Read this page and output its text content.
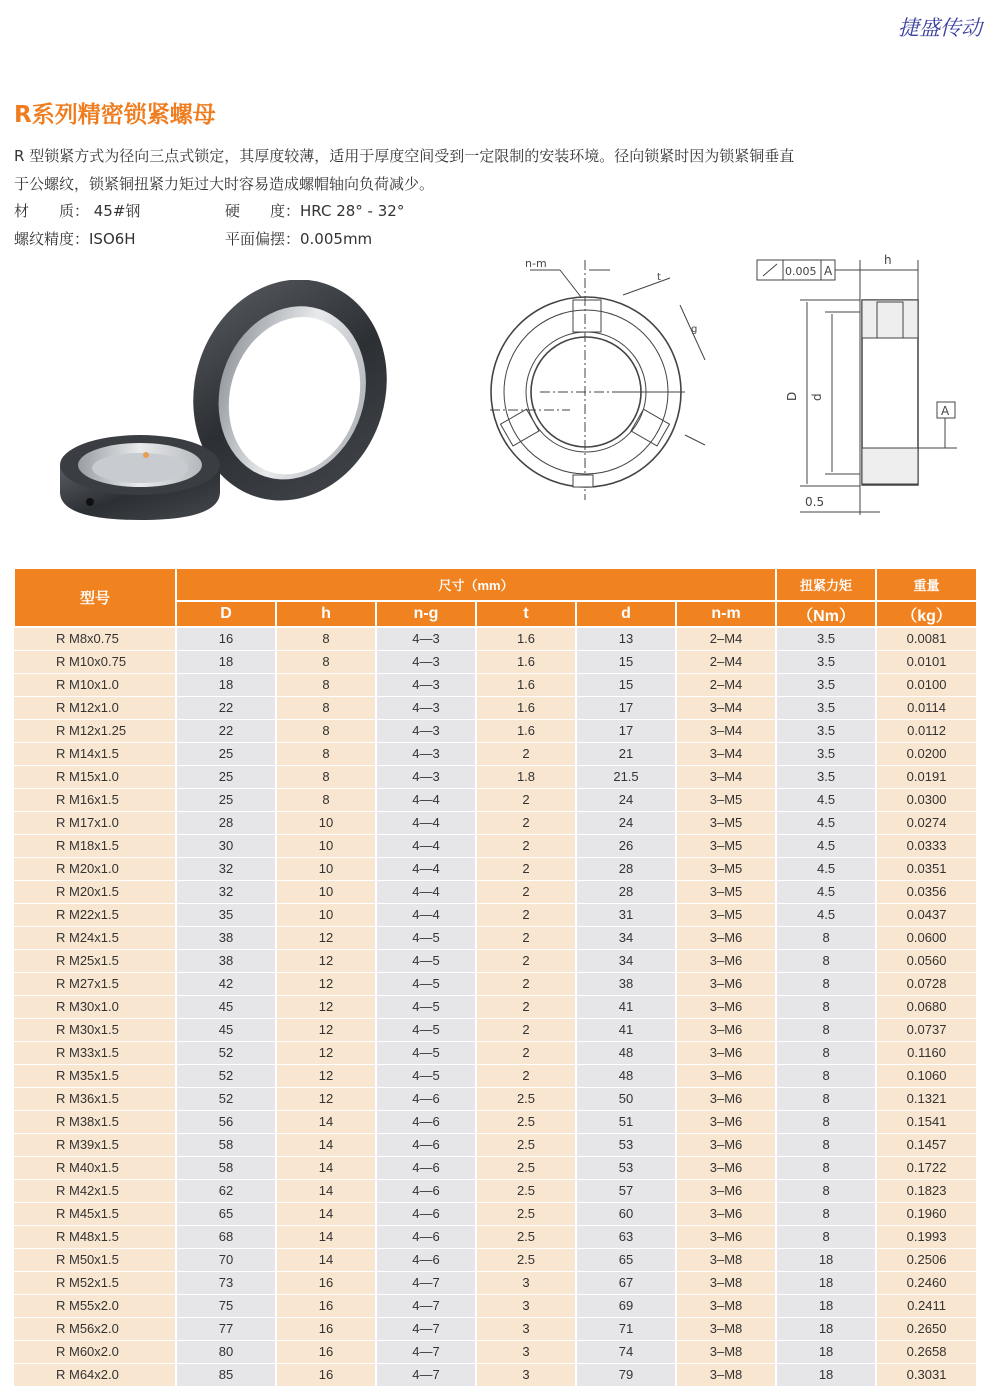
捷盛传动
R系列精密锁紧螺母
R 型锁紧方式为径向三点式锁定，其厚度较薄，适用于厚度空间受到一定限制的安装环境。径向锁紧时因为锁紧铜垂直
于公螺纹，锁紧铜扭紧力矩过大时容易造成螺帽轴向负荷减少。
材　　质： 45#钢	硬　　度：HRC 28° - 32°
螺纹精度：ISO6H	平面偏摆：0.005mm
n-m
t
g
0.005 A
h
D d
A
0.5
型号	尺寸（mm）						扭紧力矩	重量
	D	h	n-g	t	d	n-m	（Nm）	（kg）
R M8x0.75	16	8	4—3	1.6	13	2–M4	3.5	0.0081
R M10x0.75	18	8	4—3	1.6	15	2–M4	3.5	0.0101
R M10x1.0	18	8	4—3	1.6	15	2–M4	3.5	0.0100
R M12x1.0	22	8	4—3	1.6	17	3–M4	3.5	0.0114
R M12x1.25	22	8	4—3	1.6	17	3–M4	3.5	0.0112
R M14x1.5	25	8	4—3	2	21	3–M4	3.5	0.0200
R M15x1.0	25	8	4—3	1.8	21.5	3–M4	3.5	0.0191
R M16x1.5	25	8	4—4	2	24	3–M5	4.5	0.0300
R M17x1.0	28	10	4—4	2	24	3–M5	4.5	0.0274
R M18x1.5	30	10	4—4	2	26	3–M5	4.5	0.0333
R M20x1.0	32	10	4—4	2	28	3–M5	4.5	0.0351
R M20x1.5	32	10	4—4	2	28	3–M5	4.5	0.0356
R M22x1.5	35	10	4—4	2	31	3–M5	4.5	0.0437
R M24x1.5	38	12	4—5	2	34	3–M6	8	0.0600
R M25x1.5	38	12	4—5	2	34	3–M6	8	0.0560
R M27x1.5	42	12	4—5	2	38	3–M6	8	0.0728
R M30x1.0	45	12	4—5	2	41	3–M6	8	0.0680
R M30x1.5	45	12	4—5	2	41	3–M6	8	0.0737
R M33x1.5	52	12	4—5	2	48	3–M6	8	0.1160
R M35x1.5	52	12	4—5	2	48	3–M6	8	0.1060
R M36x1.5	52	12	4—6	2.5	50	3–M6	8	0.1321
R M38x1.5	56	14	4—6	2.5	51	3–M6	8	0.1541
R M39x1.5	58	14	4—6	2.5	53	3–M6	8	0.1457
R M40x1.5	58	14	4—6	2.5	53	3–M6	8	0.1722
R M42x1.5	62	14	4—6	2.5	57	3–M6	8	0.1823
R M45x1.5	65	14	4—6	2.5	60	3–M6	8	0.1960
R M48x1.5	68	14	4—6	2.5	63	3–M6	8	0.1993
R M50x1.5	70	14	4—6	2.5	65	3–M8	18	0.2506
R M52x1.5	73	16	4—7	3	67	3–M8	18	0.2460
R M55x2.0	75	16	4—7	3	69	3–M8	18	0.2411
R M56x2.0	77	16	4—7	3	71	3–M8	18	0.2650
R M60x2.0	80	16	4—7	3	74	3–M8	18	0.2658
R M64x2.0	85	16	4—7	3	79	3–M8	18	0.3031
